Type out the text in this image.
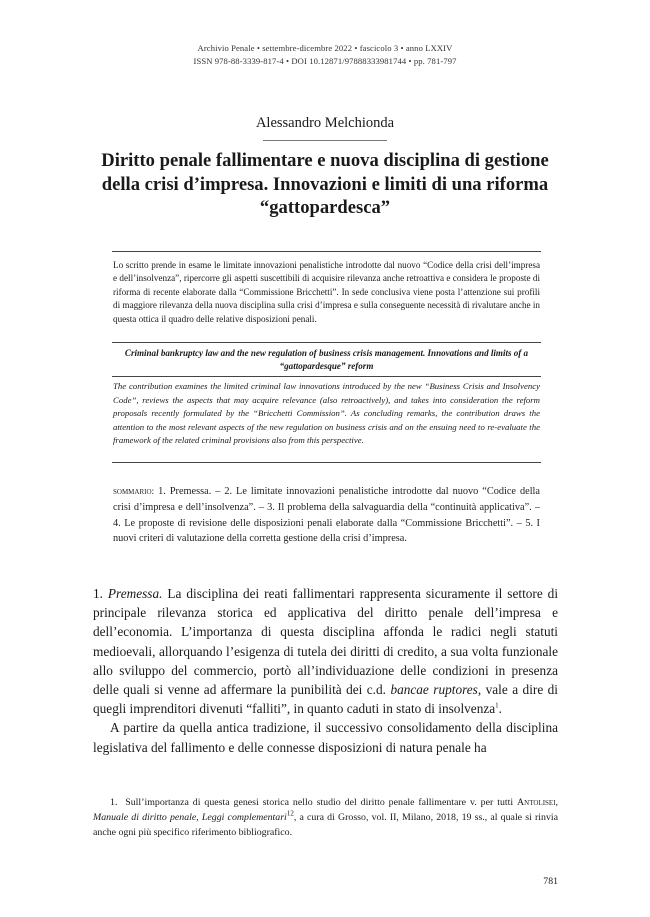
Archivio Penale • settembre-dicembre 2022 • fascicolo 3 • anno LXXIV
ISSN 978-88-3339-817-4 • DOI 10.12871/97888333981744 • pp. 781-797
Alessandro Melchionda
Diritto penale fallimentare e nuova disciplina di gestione della crisi d’impresa. Innovazioni e limiti di una riforma “gattopardesca”
Lo scritto prende in esame le limitate innovazioni penalistiche introdotte dal nuovo “Codice della crisi dell’impresa e dell’insolvenza”, ripercorre gli aspetti suscettibili di acquisire rilevanza anche retroattiva e considera le proposte di riforma di recente elaborate dalla “Commissione Bricchetti”. In sede conclusiva viene posta l’attenzione sui profili di maggiore rilevanza della nuova disciplina sulla crisi d’impresa e sulla conseguente necessità di rivalutare anche in questa ottica il quadro delle relative disposizioni penali.
Criminal bankruptcy law and the new regulation of business crisis management. Innovations and limits of a “gattopardesque” reform
The contribution examines the limited criminal law innovations introduced by the new “Business Crisis and Insolvency Code”, reviews the aspects that may acquire relevance (also retroactively), and takes into consideration the reform proposals recently formulated by the “Bricchetti Commission”. As concluding remarks, the contribution draws the attention to the most relevant aspects of the new regulation on business crisis and on the ensuing need to re-evaluate the framework of the related criminal provisions also from this perspective.
sommario: 1. Premessa. – 2. Le limitate innovazioni penalistiche introdotte dal nuovo “Codice della crisi d’impresa e dell’insolvenza”. – 3. Il problema della salvaguardia della “continuità applicativa”. – 4. Le proposte di revisione delle disposizioni penali elaborate dalla “Commissione Bricchetti”. – 5. I nuovi criteri di valutazione della corretta gestione della crisi d’impresa.

1. Premessa. La disciplina dei reati fallimentari rappresenta sicuramente il settore di principale rilevanza storica ed applicativa del diritto penale dell’impresa e dell’economia. L’importanza di questa disciplina affonda le radici negli statuti medioevali, allorquando l’esigenza di tutela dei diritti di credito, a sua volta funzionale allo sviluppo del commercio, portò all’individuazione delle condizioni in presenza delle quali si venne ad affermare la punibilità dei c.d. bancae ruptores, vale a dire di quegli imprenditori divenuti “falliti”, in quanto caduti in stato di insolvenza$^1$.

A partire da quella antica tradizione, il successivo consolidamento della disciplina legislativa del fallimento e delle connesse disposizioni di natura penale ha

1. Sull’importanza di questa genesi storica nello studio del diritto penale fallimentare v. per tutti Antolisei, Manuale di diritto penale, Leggi complementari$^{12}$, a cura di Grosso, vol. II, Milano, 2018, 19 ss., al quale si rinvia anche ogni più specifico riferimento bibliografico.
781
